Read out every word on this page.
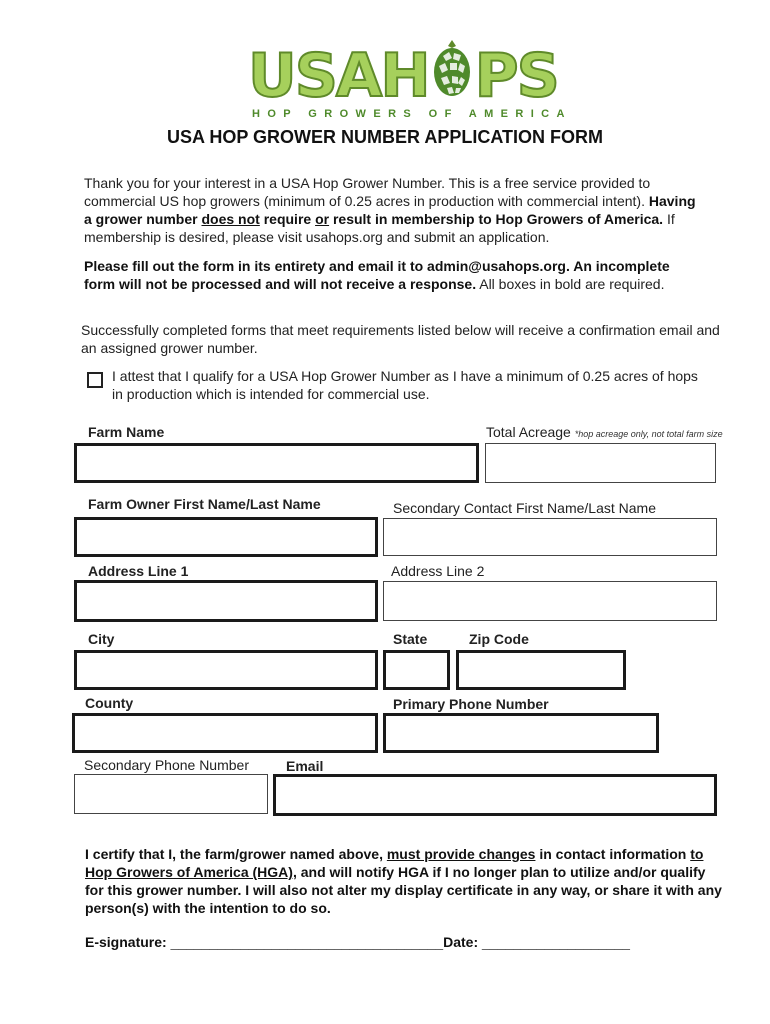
USAH PS
HOP GROWERS OF AMERICA
USA HOP GROWER NUMBER APPLICATION FORM
Thank you for your interest in a USA Hop Grower Number. This is a free service provided to commercial US hop growers (minimum of 0.25 acres in production with commercial intent). Having a grower number does not require or result in membership to Hop Growers of America. If membership is desired, please visit usahops.org and submit an application.
Please fill out the form in its entirety and email it to admin@usahops.org. An incomplete form will not be processed and will not receive a response. All boxes in bold are required.
Successfully completed forms that meet requirements listed below will receive a confirmation email and an assigned grower number.
I attest that I qualify for a USA Hop Grower Number as I have a minimum of 0.25 acres of hops in production which is intended for commercial use.
Farm Name	Total Acreage *hop acreage only, not total farm size
Farm Owner First Name/Last Name	Secondary Contact First Name/Last Name
Address Line 1	Address Line 2
City	State	Zip Code
County	Primary Phone Number
Secondary Phone Number	Email
I certify that I, the farm/grower named above, must provide changes in contact information to Hop Growers of America (HGA), and will notify HGA if I no longer plan to utilize and/or qualify for this grower number. I will also not alter my display certificate in any way, or share it with any person(s) with the intention to do so.
E-signature: ___________________________________Date: ___________________
